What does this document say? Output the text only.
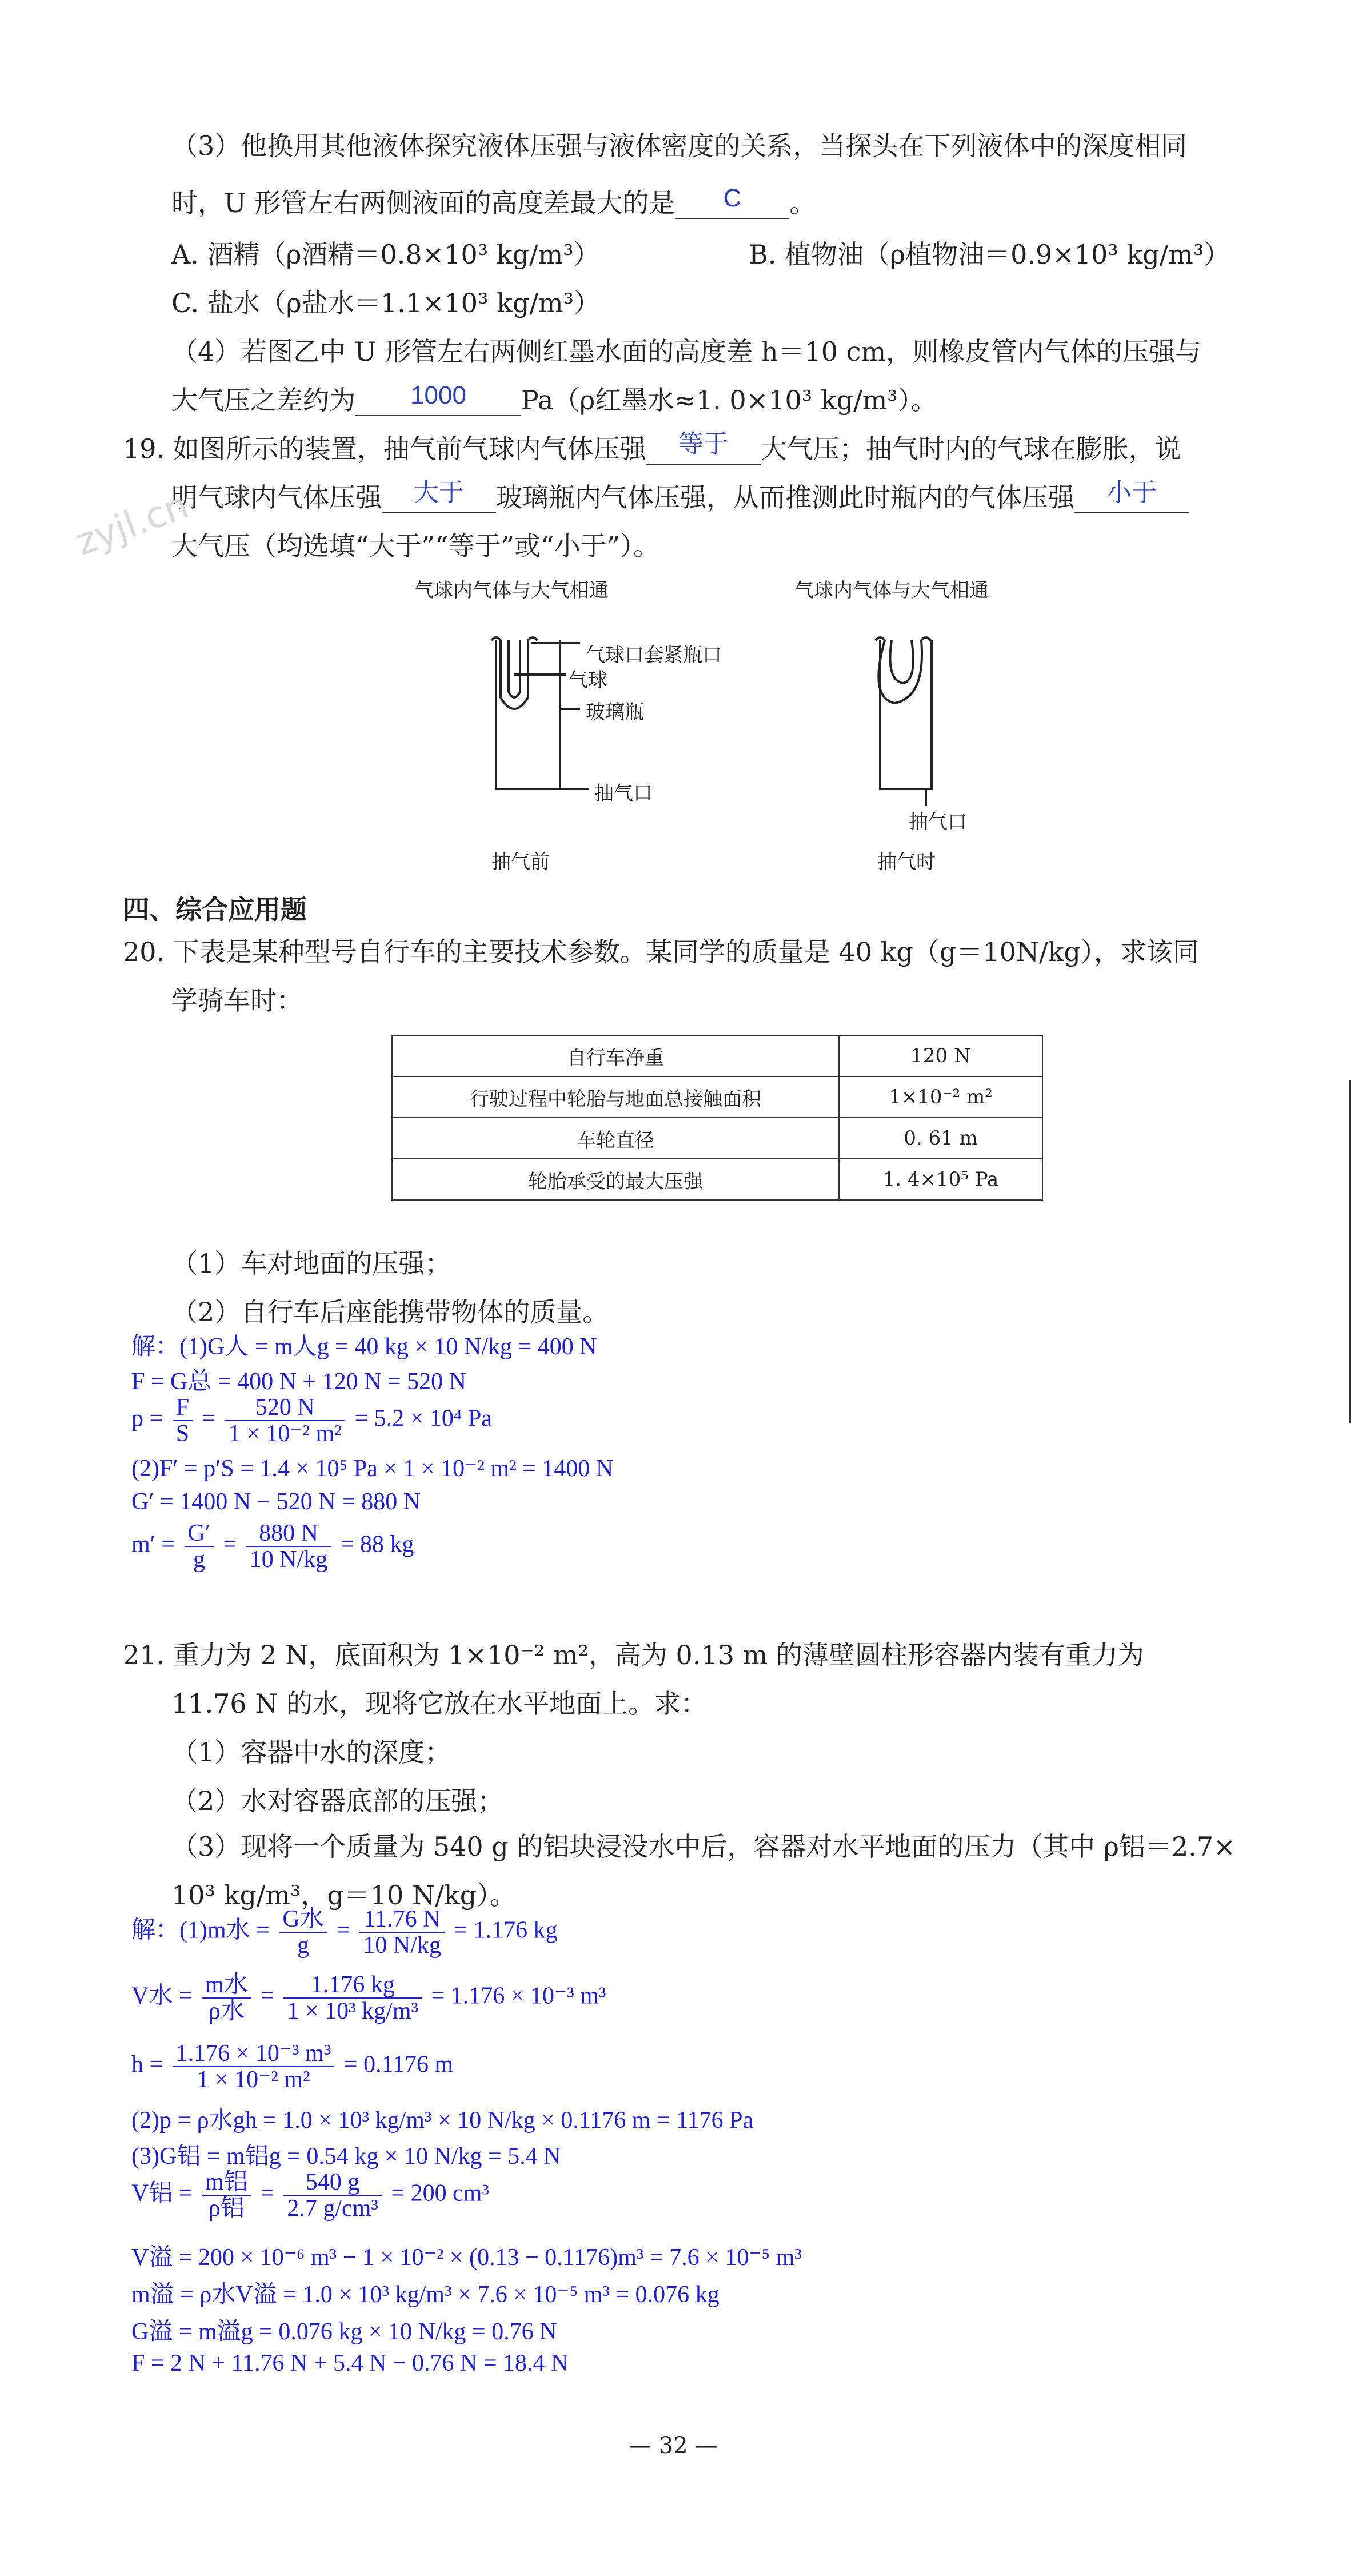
（3）他换用其他液体探究液体压强与液体密度的关系，当探头在下列液体中的深度相同
时，U 形管左右两侧液面的高度差最大的是	C	。
A. 酒精（ρ酒精＝0.8×10³ kg/m³）	B. 植物油（ρ植物油＝0.9×10³ kg/m³）
C. 盐水（ρ盐水＝1.1×10³ kg/m³）
（4）若图乙中 U 形管左右两侧红墨水面的高度差 h＝10 cm，则橡皮管内气体的压强与
大气压之差约为	1000	Pa（ρ红墨水≈1. 0×10³ kg/m³）。
19. 如图所示的装置，抽气前气球内气体压强	等于	大气压；抽气时内的气球在膨胀，说
明气球内气体压强	大于	玻璃瓶内气体压强，从而推测此时瓶内的气体压强	小于
大气压（均选填“大于”“等于”或“小于”）。
zyjl.cn
气球内气体与大气相通	气球内气体与大气相通
气球口套紧瓶口
气球
玻璃瓶
抽气口
抽气口
抽气前	抽气时
四、综合应用题
20. 下表是某种型号自行车的主要技术参数。某同学的质量是 40 kg（g＝10N/kg），求该同
学骑车时：
自行车净重	120 N
行驶过程中轮胎与地面总接触面积	1×10⁻² m²
车轮直径	0. 61 m
轮胎承受的最大压强	1. 4×10⁵ Pa
（1）车对地面的压强；
（2）自行车后座能携带物体的质量。
解：(1)G人 = m人g = 40 kg × 10 N/kg = 400 N
F = G总 = 400 N + 120 N = 520 N
$p = \frac{F}{S} = \frac{520 N}{\text{1 × 10⁻² m²}} = 5.2 \times 10^4$ Pa
(2)F′ = p′S = 1.4 × 10⁵ Pa × 1 × 10⁻² m² = 1400 N
G′ = 1400 N − 520 N = 880 N
$m' = \frac{G'}{g} = \frac{880 N}{10 N/kg} = 88$ kg
21. 重力为 2 N，底面积为 1×10⁻² m²，高为 0.13 m 的薄壁圆柱形容器内装有重力为
11.76 N 的水，现将它放在水平地面上。求：
（1）容器中水的深度；
（2）水对容器底部的压强；
（3）现将一个质量为 540 g 的铝块浸没水中后，容器对水平地面的压力（其中 ρ铝＝2.7×
10³ kg/m³，g＝10 N/kg）。
解：(1)m水 = $\frac{\text{G水}}{g} = \frac{11.76 N}{10 N/kg} = 1.176$ kg
V水 = $\frac{\text{m水}}{\text{ρ水}} = \frac{1.176 kg}{\text{1 × 10³ kg/m³}} = 1.176 \times 10^{-3}$ m³
$h = \frac{\text{1.176 × 10⁻³ m³}}{\text{1 × 10⁻² m²}} = 0.1176$ m
(2)p = ρ水gh = 1.0 × 10³ kg/m³ × 10 N/kg × 0.1176 m = 1176 Pa
(3)G铝 = m铝g = 0.54 kg × 10 N/kg = 5.4 N
V铝 = $\frac{\text{m铝}}{\text{ρ铝}} = \frac{540 g}{\text{2.7 g/cm³}} = 200$ cm³
V溢 = 200 × 10⁻⁶ m³ − 1 × 10⁻² × (0.13 − 0.1176)m³ = 7.6 × 10⁻⁵ m³
m溢 = ρ水V溢 = 1.0 × 10³ kg/m³ × 7.6 × 10⁻⁵ m³ = 0.076 kg
G溢 = m溢g = 0.076 kg × 10 N/kg = 0.76 N
F = 2 N + 11.76 N + 5.4 N − 0.76 N = 18.4 N
— 32 —
